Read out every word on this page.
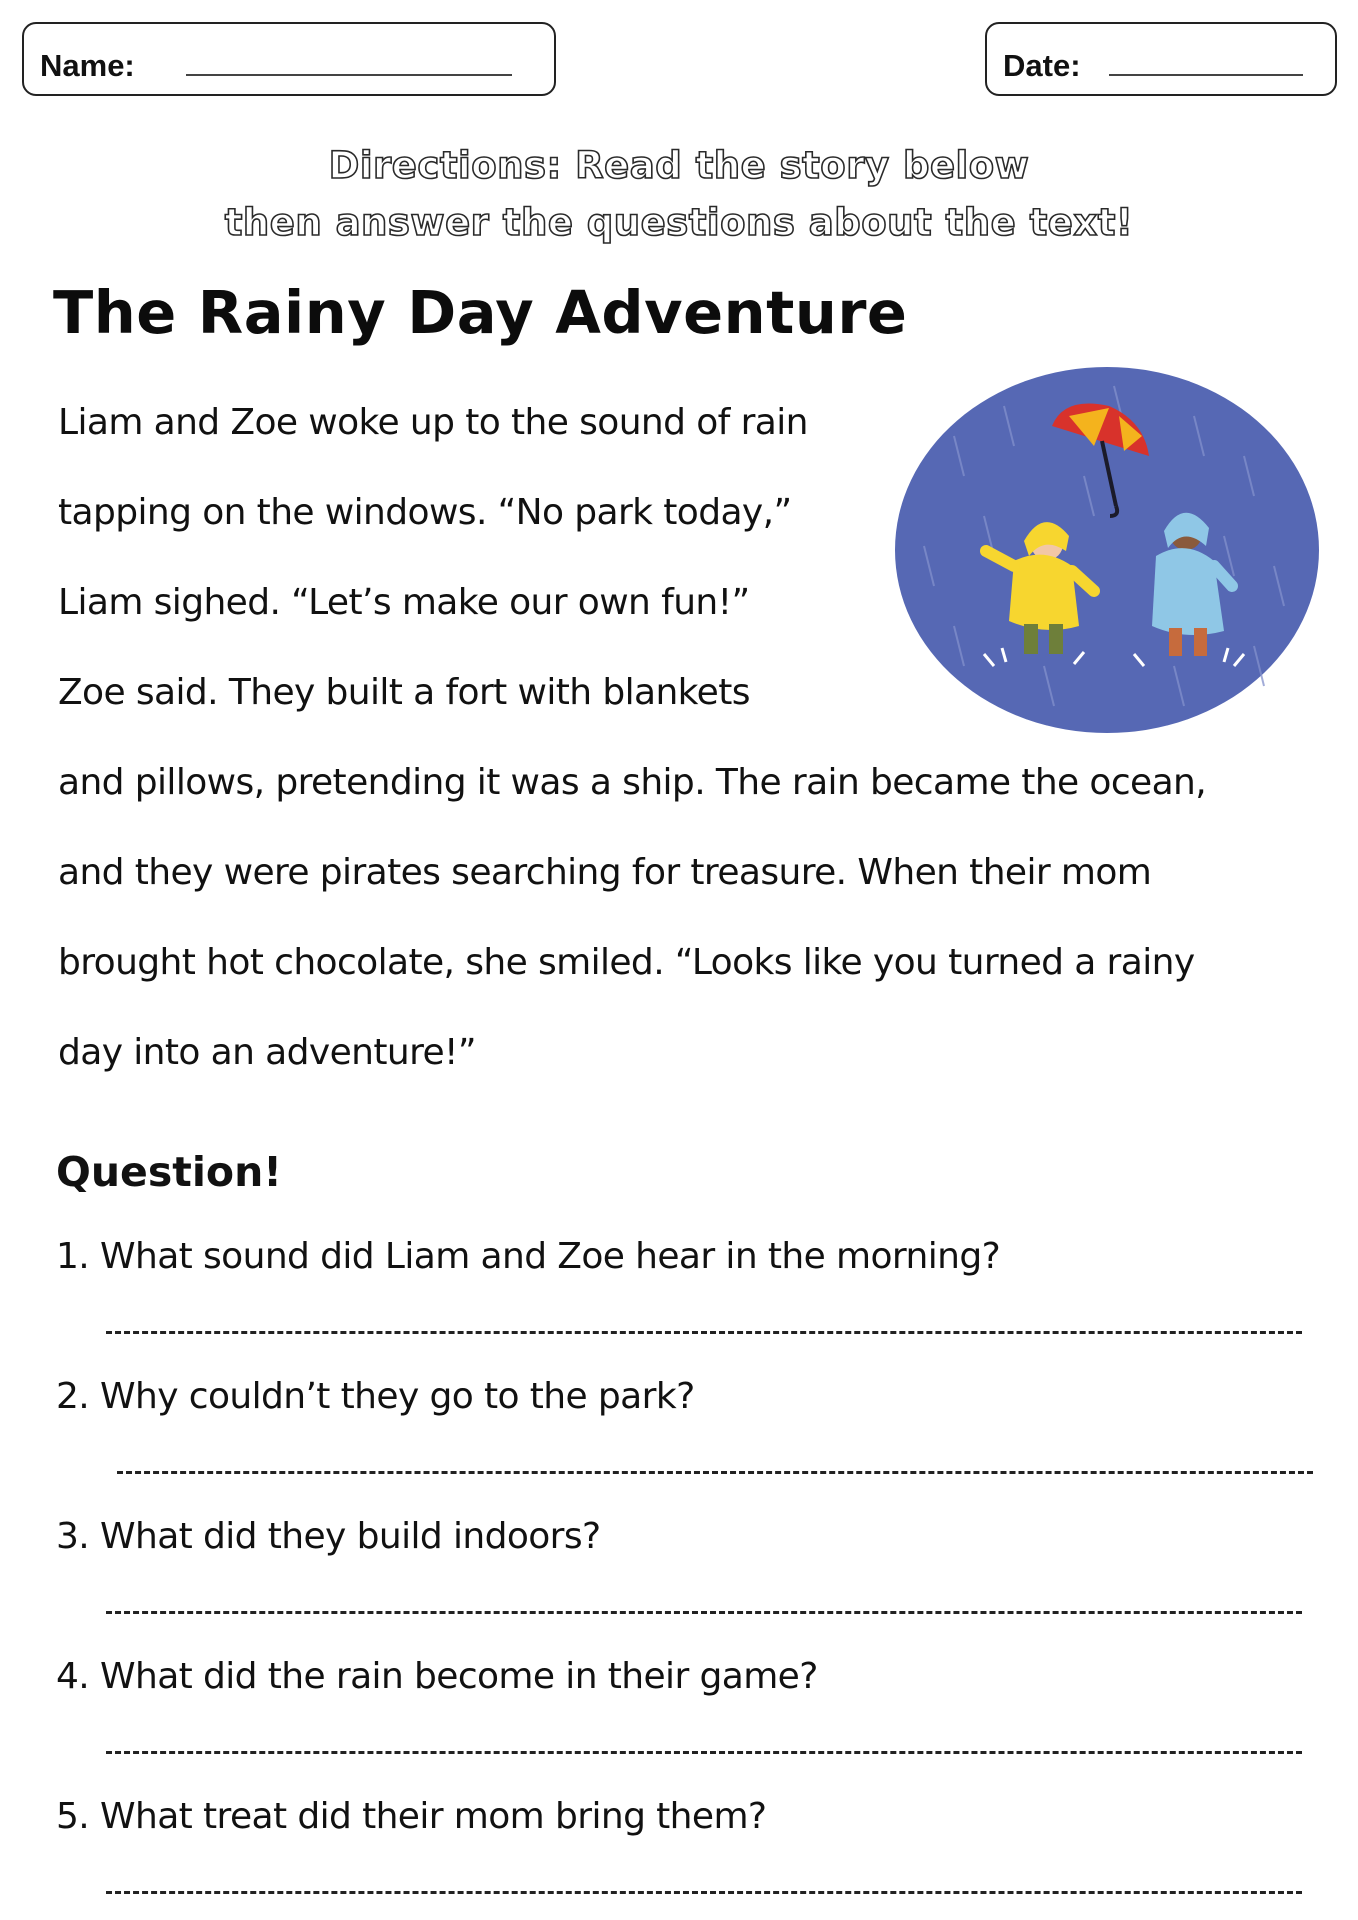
Name:	Date:
Directions: Read the story below
then answer the questions about the text!
The Rainy Day Adventure
Liam and Zoe woke up to the sound of rain
tapping on the windows. “No park today,”
Liam sighed. “Let’s make our own fun!”
Zoe said. They built a fort with blankets
and pillows, pretending it was a ship. The rain became the ocean,
and they were pirates searching for treasure. When their mom
brought hot chocolate, she smiled. “Looks like you turned a rainy
day into an adventure!”
Question!
1. What sound did Liam and Zoe hear in the morning?
2. Why couldn’t they go to the park?
3. What did they build indoors?
4. What did the rain become in their game?
5. What treat did their mom bring them?
